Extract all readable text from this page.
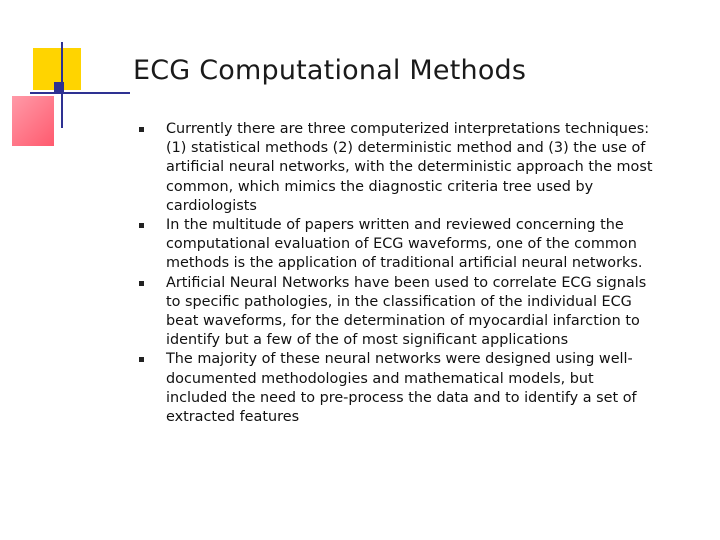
ECG Computational Methods
Currently there are three computerized interpretations techniques: (1) statistical methods (2) deterministic method and (3) the use of artificial neural networks, with the deterministic approach the most common, which mimics the diagnostic criteria tree used by cardiologists
In the multitude of papers written and reviewed concerning the computational evaluation of ECG waveforms, one of the common methods is the application of traditional artificial neural networks.
Artificial Neural Networks have been used to correlate ECG signals to specific pathologies, in the classification of the individual ECG beat waveforms, for the determination of myocardial infarction to identify but a few of the of most significant applications
The majority of these neural networks were designed using well-documented methodologies and mathematical models, but included the need to pre-process the data and to identify a set of extracted features
